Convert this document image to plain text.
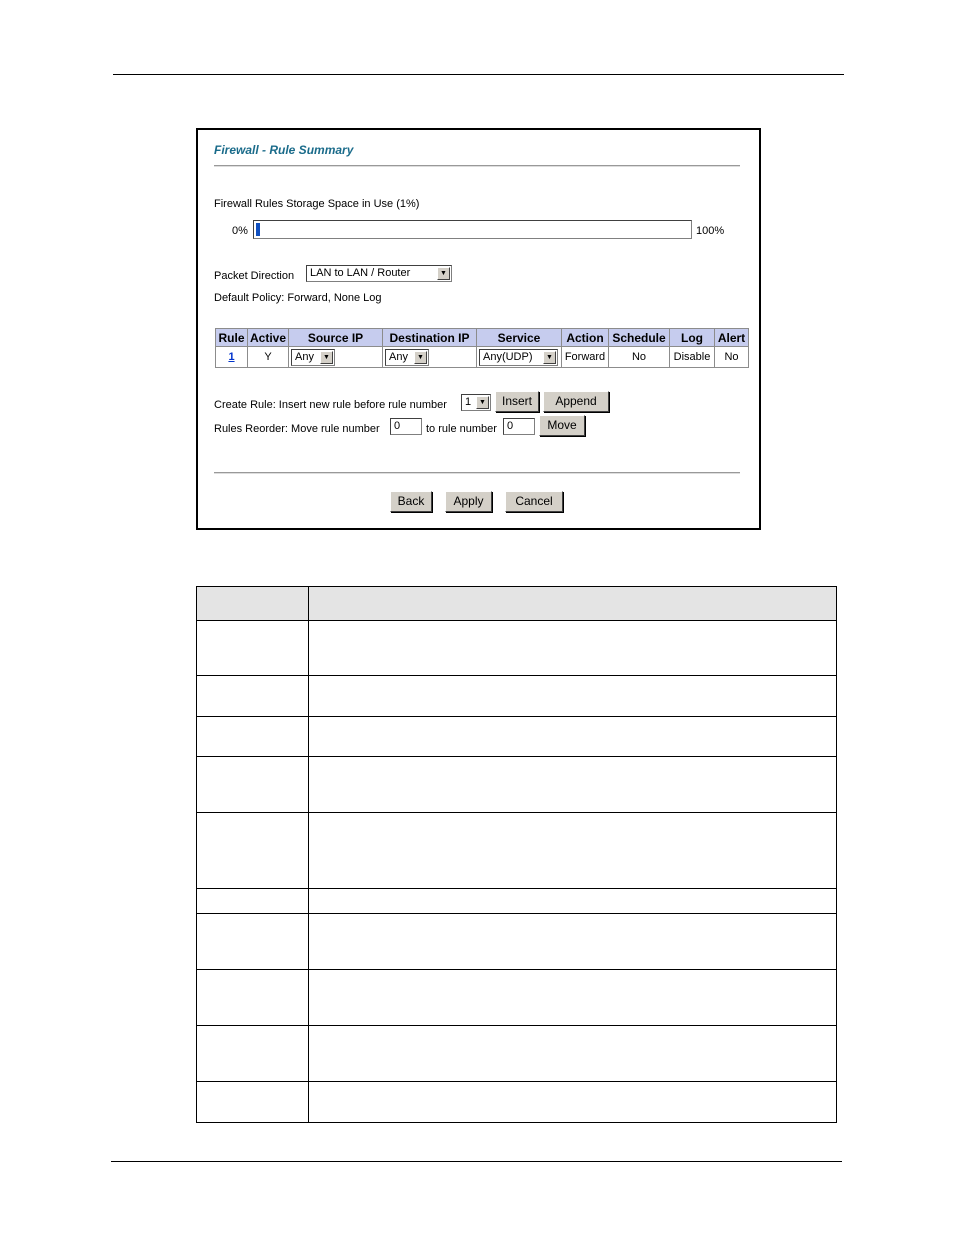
Firewall - Rule Summary
Firewall Rules Storage Space in Use (1%)
0%	100%
Packet Direction LAN to LAN / Router	▼
Default Policy: Forward, None Log
Rule	Active	Source IP	Destination IP	Service	Action	Schedule	Log	Alert
1	Y	Any ▼	Any ▼	Any(UDP) ▼	Forward	No	Disable	No
Create Rule: Insert new rule before rule number 1	▼	Insert	Append
Rules Reorder: Move rule number	0	to rule number 0	Move
Back	Apply	Cancel
